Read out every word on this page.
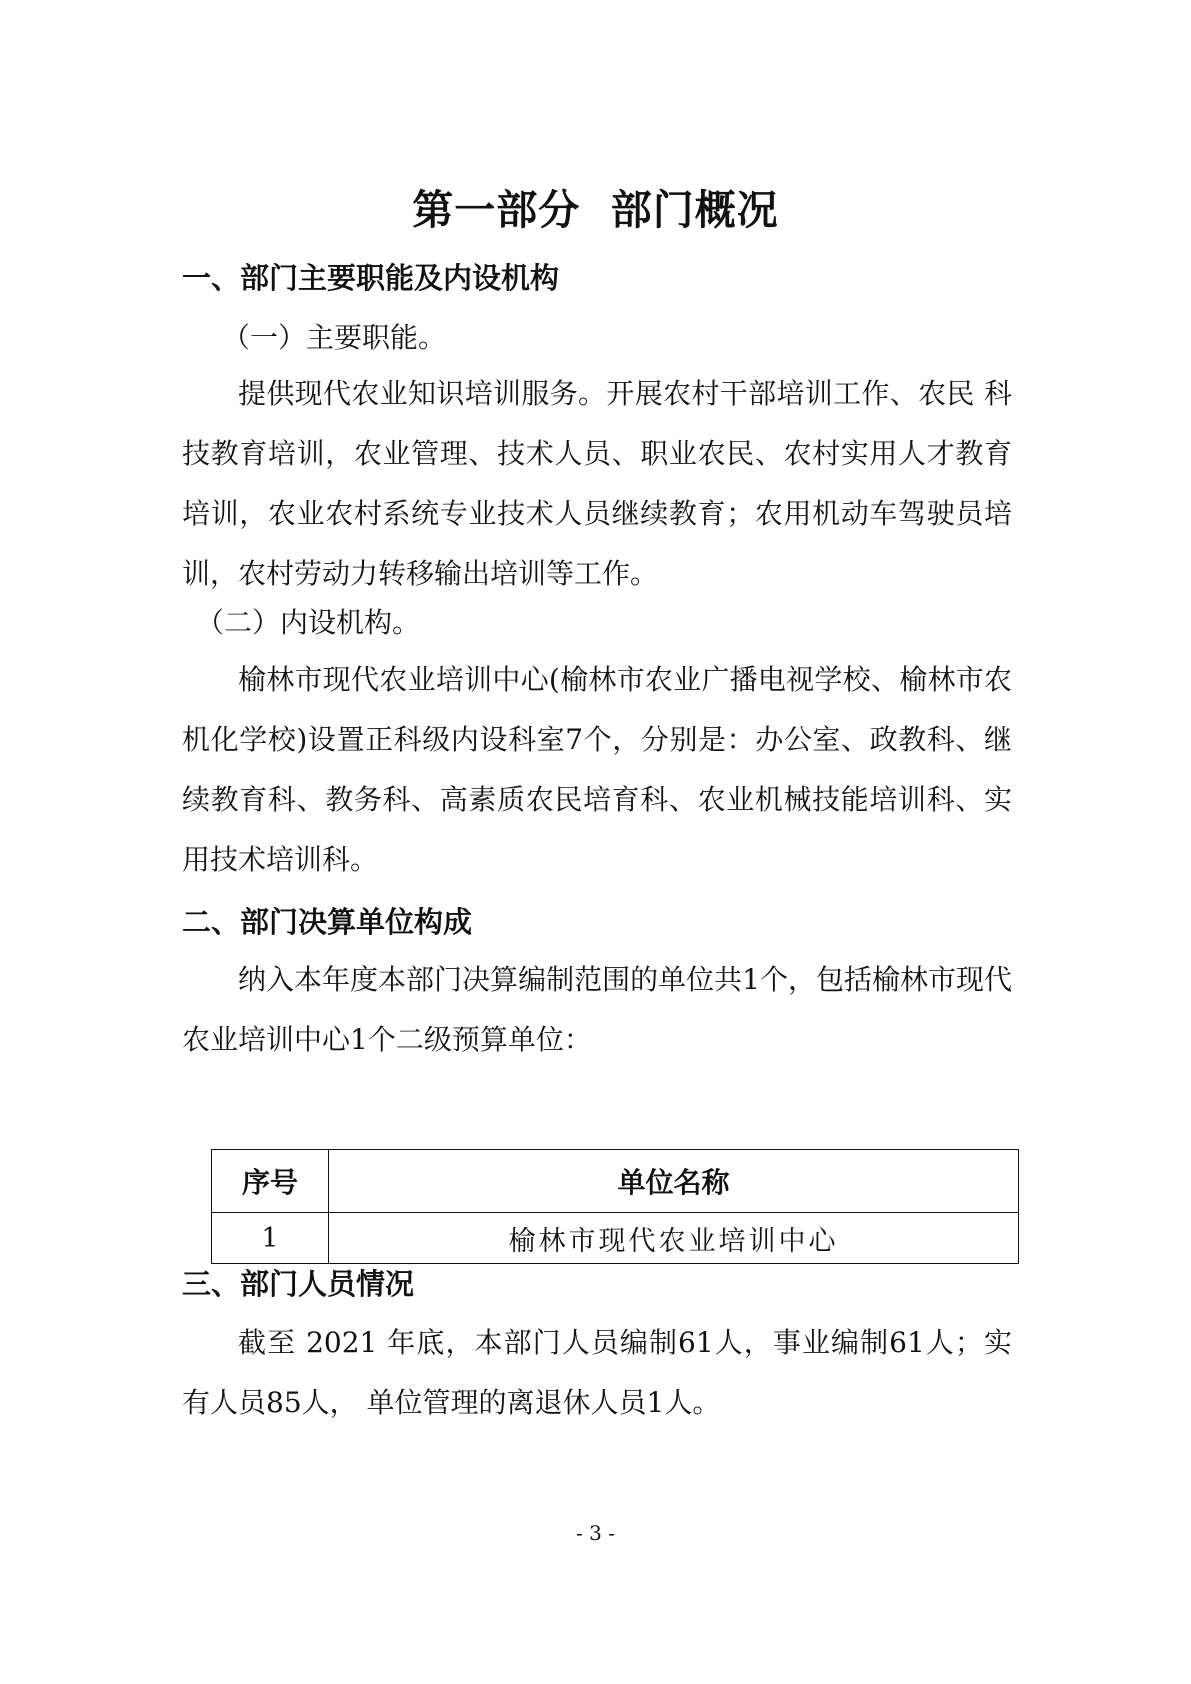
第一部分  部门概况
一、部门主要职能及内设机构
（一）主要职能。
提供现代农业知识培训服务。开展农村干部培训工作、农民 科技教育培训，农业管理、技术人员、职业农民、农村实用人才教育培训，农业农村系统专业技术人员继续教育；农用机动车驾驶员培训，农村劳动力转移输出培训等工作。
（二）内设机构。
榆林市现代农业培训中心(榆林市农业广播电视学校、榆林市农机化学校)设置正科级内设科室7个，分别是：办公室、政教科、继续教育科、教务科、高素质农民培育科、农业机械技能培训科、实用技术培训科。
二、部门决算单位构成
纳入本年度本部门决算编制范围的单位共1个，包括榆林市现代农业培训中心1个二级预算单位：
序号	单位名称
1	榆林市现代农业培训中心
三、部门人员情况
截至 2021 年底，本部门人员编制61人，事业编制61人；实有人员85人， 单位管理的离退休人员1人。
- 3 -
